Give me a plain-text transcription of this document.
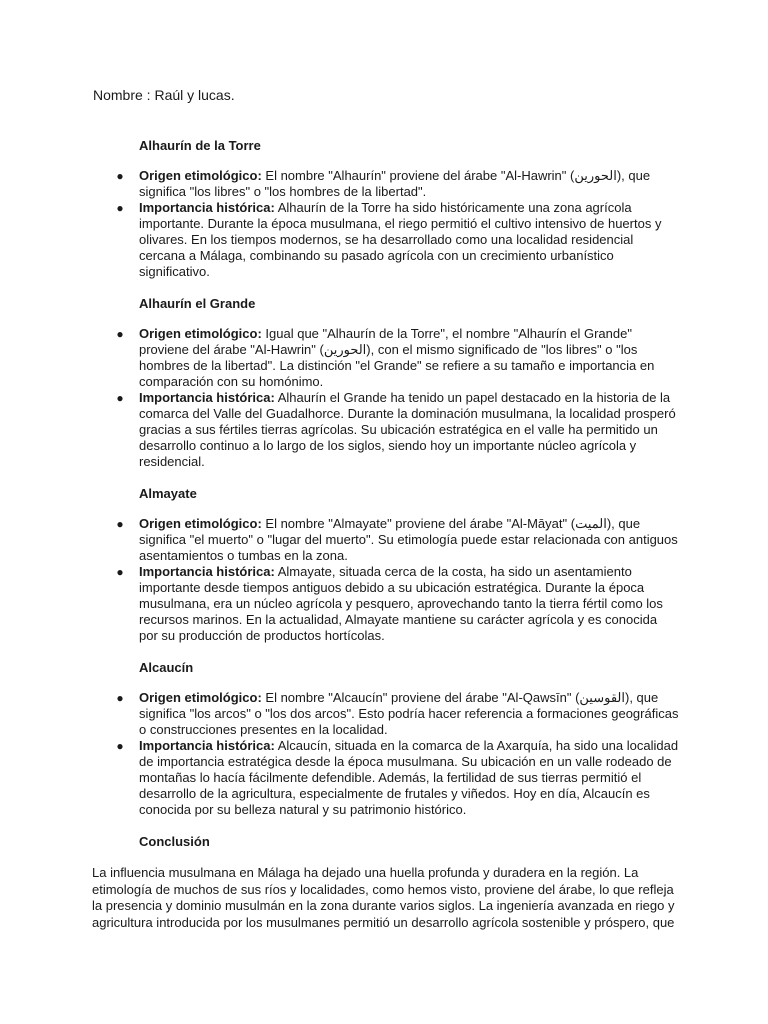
Nombre : Raúl y lucas.
Alhaurín de la Torre
● Origen etimológico: El nombre "Alhaurín" proviene del árabe "Al-Hawrin" (الحورين), que significa "los libres" o "los hombres de la libertad".
● Importancia histórica: Alhaurín de la Torre ha sido históricamente una zona agrícola importante. Durante la época musulmana, el riego permitió el cultivo intensivo de huertos y olivares. En los tiempos modernos, se ha desarrollado como una localidad residencial cercana a Málaga, combinando su pasado agrícola con un crecimiento urbanístico significativo.
Alhaurín el Grande
● Origen etimológico: Igual que "Alhaurín de la Torre", el nombre "Alhaurín el Grande" proviene del árabe "Al-Hawrin" (الحورين), con el mismo significado de "los libres" o "los hombres de la libertad". La distinción "el Grande" se refiere a su tamaño e importancia en comparación con su homónimo.
● Importancia histórica: Alhaurín el Grande ha tenido un papel destacado en la historia de la comarca del Valle del Guadalhorce. Durante la dominación musulmana, la localidad prosperó gracias a sus fértiles tierras agrícolas. Su ubicación estratégica en el valle ha permitido un desarrollo continuo a lo largo de los siglos, siendo hoy un importante núcleo agrícola y residencial.
Almayate
● Origen etimológico: El nombre "Almayate" proviene del árabe "Al-Māyat" (الميت), que significa "el muerto" o "lugar del muerto". Su etimología puede estar relacionada con antiguos asentamientos o tumbas en la zona.
● Importancia histórica: Almayate, situada cerca de la costa, ha sido un asentamiento importante desde tiempos antiguos debido a su ubicación estratégica. Durante la época musulmana, era un núcleo agrícola y pesquero, aprovechando tanto la tierra fértil como los recursos marinos. En la actualidad, Almayate mantiene su carácter agrícola y es conocida por su producción de productos hortícolas.
Alcaucín
● Origen etimológico: El nombre "Alcaucín" proviene del árabe "Al-Qawsīn" (القوسين), que significa "los arcos" o "los dos arcos". Esto podría hacer referencia a formaciones geográficas o construcciones presentes en la localidad.
● Importancia histórica: Alcaucín, situada en la comarca de la Axarquía, ha sido una localidad de importancia estratégica desde la época musulmana. Su ubicación en un valle rodeado de montañas lo hacía fácilmente defendible. Además, la fertilidad de sus tierras permitió el desarrollo de la agricultura, especialmente de frutales y viñedos. Hoy en día, Alcaucín es conocida por su belleza natural y su patrimonio histórico.
Conclusión

La influencia musulmana en Málaga ha dejado una huella profunda y duradera en la región. La etimología de muchos de sus ríos y localidades, como hemos visto, proviene del árabe, lo que refleja la presencia y dominio musulmán en la zona durante varios siglos. La ingeniería avanzada en riego y agricultura introducida por los musulmanes permitió un desarrollo agrícola sostenible y próspero, que
